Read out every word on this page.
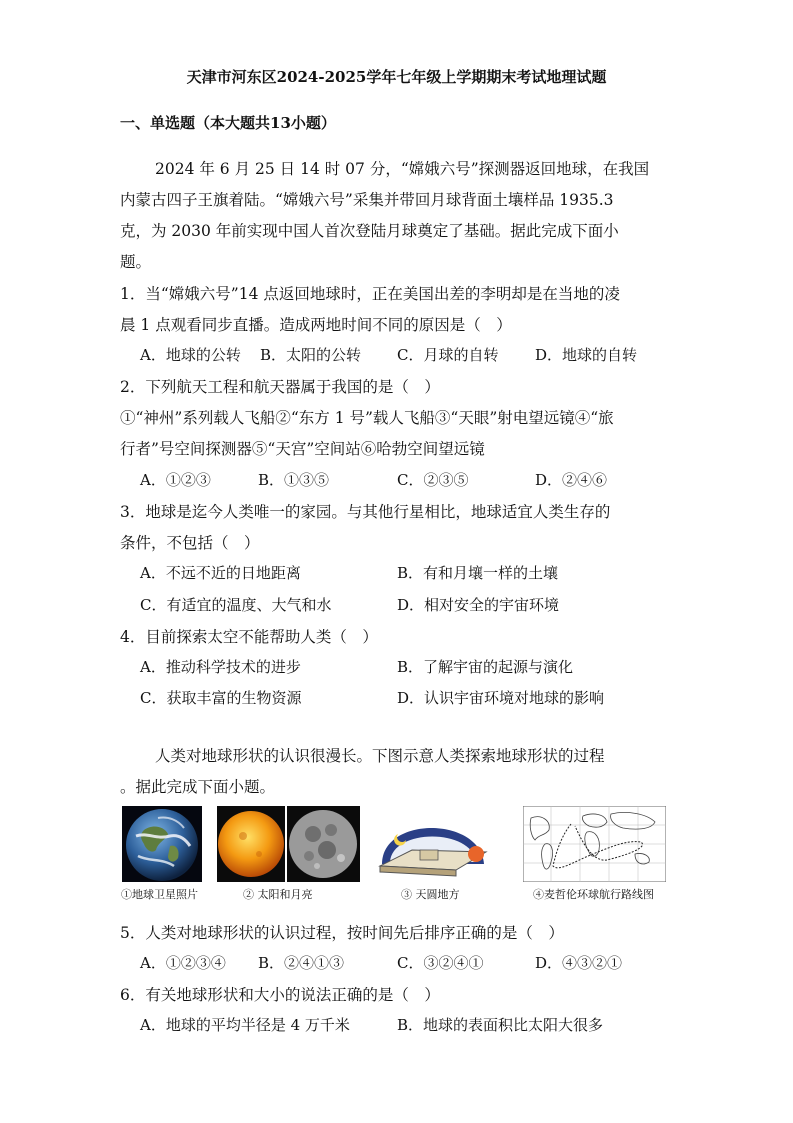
天津市河东区2024-2025学年七年级上学期期末考试地理试题
一、单选题（本大题共13小题）
2024 年 6 月 25 日 14 时 07 分，“嫦娥六号”探测器返回地球，在我国
内蒙古四子王旗着陆。“嫦娥六号”采集并带回月球背面土壤样品 1935.3
克，为 2030 年前实现中国人首次登陆月球奠定了基础。据此完成下面小
题。
1．当“嫦娥六号”14 点返回地球时，正在美国出差的李明却是在当地的凌
晨 1 点观看同步直播。造成两地时间不同的原因是（　）
A．地球的公转 B．太阳的公转 C．月球的自转 D．地球的自转
2．下列航天工程和航天器属于我国的是（　）
①“神州”系列载人飞船②“东方 1 号”载人飞船③“天眼”射电望远镜④“旅
行者”号空间探测器⑤“天宫”空间站⑥哈勃空间望远镜
A．①②③	B．①③⑤	C．②③⑤	D．②④⑥
3．地球是迄今人类唯一的家园。与其他行星相比，地球适宜人类生存的
条件，不包括（　）
A．不远不近的日地距离	B．有和月壤一样的土壤
C．有适宜的温度、大气和水	D．相对安全的宇宙环境
4．目前探索太空不能帮助人类（　）
A．推动科学技术的进步	B．了解宇宙的起源与演化
C．获取丰富的生物资源	D．认识宇宙环境对地球的影响
人类对地球形状的认识很漫长。下图示意人类探索地球形状的过程
。据此完成下面小题。
①地球卫星照片	② 太阳和月亮	③ 天圆地方	④麦哲伦环球航行路线图
5．人类对地球形状的认识过程，按时间先后排序正确的是（　）
A．①②③④ B．②④①③	C．③②④①	D．④③②①
6．有关地球形状和大小的说法正确的是（　）
A．地球的平均半径是 4 万千米	B．地球的表面积比太阳大很多
